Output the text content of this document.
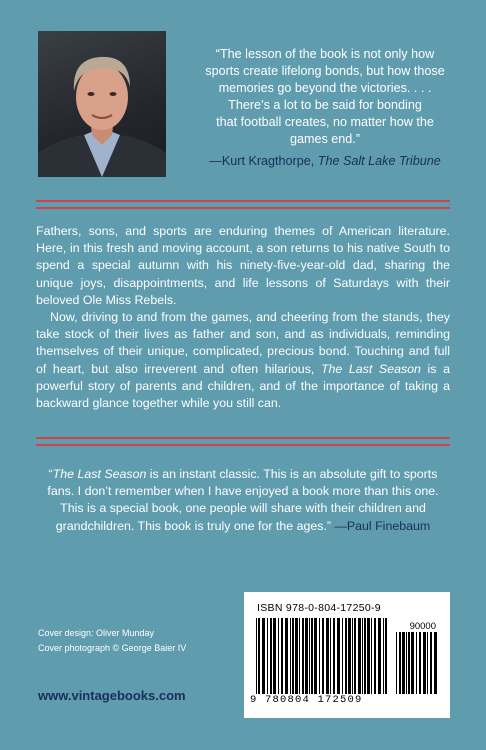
“The lesson of the book is not only how
sports create lifelong bonds, but how those
memories go beyond the victories. . . .
There’s a lot to be said for bonding
that football creates, no matter how the
games end.”
—Kurt Kragthorpe, The Salt Lake Tribune

Fathers, sons, and sports are enduring themes of American literature. Here, in this fresh and moving account, a son returns to his native South to spend a special autumn with his ninety-five-year-old dad, sharing the unique joys, disappointments, and life lessons of Saturdays with their beloved Ole Miss Rebels.

Now, driving to and from the games, and cheering from the stands, they take stock of their lives as father and son, and as individuals, reminding themselves of their unique, complicated, precious bond. Touching and full of heart, but also irreverent and often hilarious, The Last Season is a powerful story of parents and children, and of the importance of taking a backward glance together while you still can.

“The Last Season is an instant classic. This is an absolute gift to sports fans. I don’t remember when I have enjoyed a book more than this one. This is a special book, one people will share with their children and grandchildren. This book is truly one for the ages.” —Paul Finebaum
Cover design: Oliver Munday
Cover photograph © George Baier IV
www.vintagebooks.com
ISBN 978-0-804-17250-9
90000
9 780804 172509
